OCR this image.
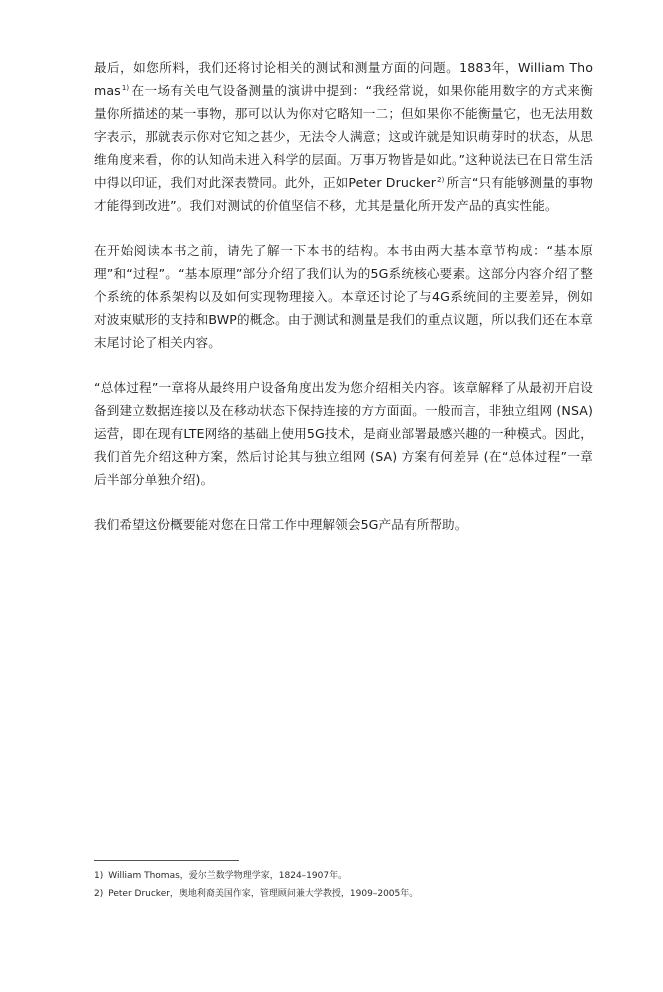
最后，如您所料，我们还将讨论相关的测试和测量方面的问题。1883年，William Thomas$^{1)}$ 在一场有关电气设备测量的演讲中提到：“我经常说，如果你能用数字的方式来衡量你所描述的某一事物，那可以认为你对它略知一二；但如果你不能衡量它，也无法用数字表示，那就表示你对它知之甚少，无法令人满意；这或许就是知识萌芽时的状态，从思维角度来看，你的认知尚未进入科学的层面。万事万物皆是如此。”这种说法已在日常生活中得以印证，我们对此深表赞同。此外，正如Peter Drucker$^{2)}$ 所言“只有能够测量的事物才能得到改进”。我们对测试的价值坚信不移，尤其是量化所开发产品的真实性能。

在开始阅读本书之前，请先了解一下本书的结构。本书由两大基本章节构成：“基本原理”和“过程”。“基本原理”部分介绍了我们认为的5G系统核心要素。这部分内容介绍了整个系统的体系架构以及如何实现物理接入。本章还讨论了与4G系统间的主要差异，例如对波束赋形的支持和BWP的概念。由于测试和测量是我们的重点议题，所以我们还在本章末尾讨论了相关内容。

“总体过程”一章将从最终用户设备角度出发为您介绍相关内容。该章解释了从最初开启设备到建立数据连接以及在移动状态下保持连接的方方面面。一般而言，非独立组网 (NSA) 运营，即在现有LTE网络的基础上使用5G技术，是商业部署最感兴趣的一种模式。因此，我们首先介绍这种方案，然后讨论其与独立组网 (SA) 方案有何差异 (在“总体过程”一章后半部分单独介绍)。

我们希望这份概要能对您在日常工作中理解领会5G产品有所帮助。

1) William Thomas，爱尔兰数学物理学家，1824–1907年。
2) Peter Drucker，奥地利裔美国作家，管理顾问兼大学教授，1909–2005年。
